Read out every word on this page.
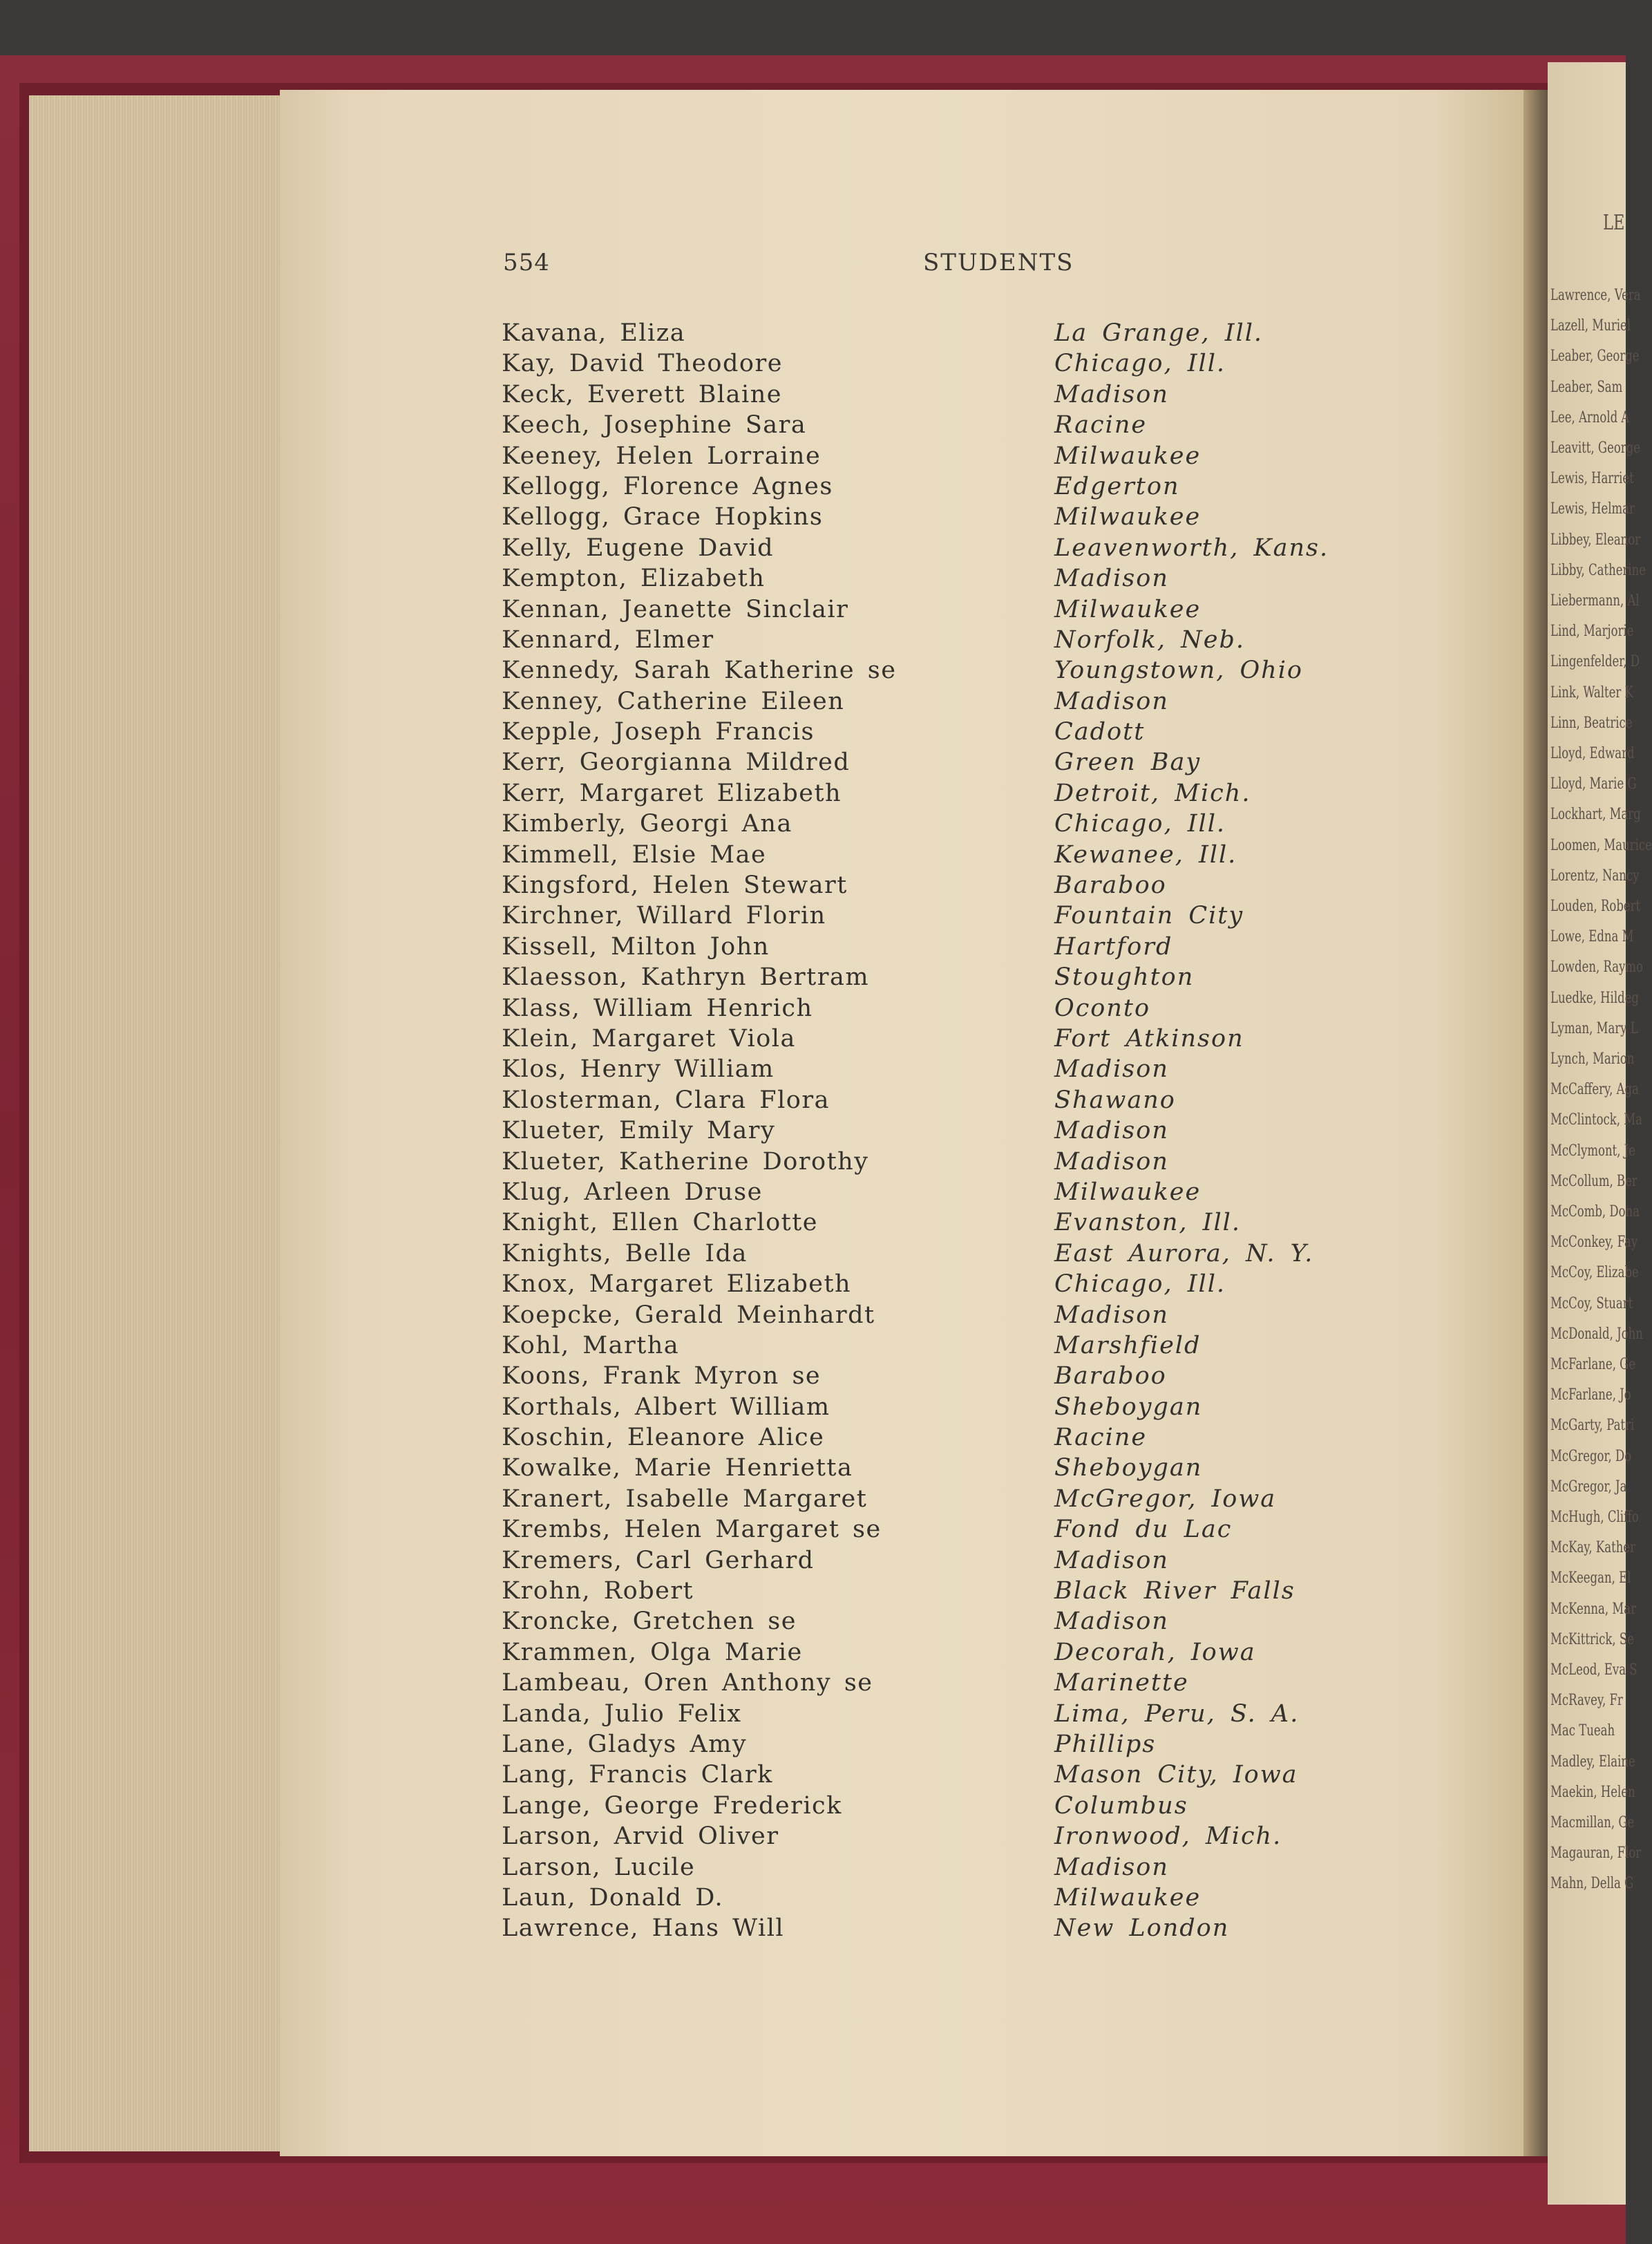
LE
Lawrence, Vera
Lazell, Muriel
Leaber, George
Leaber, Sam
Lee, Arnold A
Leavitt, George
Lewis, Harriet
Lewis, Helmar
Libbey, Eleanor
Libby, Catherine
Liebermann, Al
Lind, Marjorie
Lingenfelder, D
Link, Walter K
Linn, Beatrice
Lloyd, Edward
Lloyd, Marie G
Lockhart, Marg
Loomen, Maurice
Lorentz, Nancy
Louden, Robert
Lowe, Edna M
Lowden, Raymo
Luedke, Hildeg
Lyman, Mary L
Lynch, Marion
McCaffery, Aga
McClintock, Ma
McClymont, Je
McCollum, Ber
McComb, Dona
McConkey, Fay
McCoy, Elizabe
McCoy, Stuart
McDonald, John
McFarlane, Ge
McFarlane, Jo
McGarty, Patri
McGregor, Do
McGregor, Ja
McHugh, Cliffo
McKay, Kather
McKeegan, El
McKenna, Mar
McKittrick, Se
McLeod, Eva S
McRavey, Fr
Mac Tueah
Madley, Elaine
Maekin, Helen
Macmillan, Ge
Magauran, Flor
Mahn, Della G
554	STUDENTS
Kavana, Eliza	La Grange, Ill.
Kay, David Theodore	Chicago, Ill.
Keck, Everett Blaine	Madison
Keech, Josephine Sara	Racine
Keeney, Helen Lorraine	Milwaukee
Kellogg, Florence Agnes	Edgerton
Kellogg, Grace Hopkins	Milwaukee
Kelly, Eugene David	Leavenworth, Kans.
Kempton, Elizabeth	Madison
Kennan, Jeanette Sinclair	Milwaukee
Kennard, Elmer	Norfolk, Neb.
Kennedy, Sarah Katherine se	Youngstown, Ohio
Kenney, Catherine Eileen	Madison
Kepple, Joseph Francis	Cadott
Kerr, Georgianna Mildred	Green Bay
Kerr, Margaret Elizabeth	Detroit, Mich.
Kimberly, Georgi Ana	Chicago, Ill.
Kimmell, Elsie Mae	Kewanee, Ill.
Kingsford, Helen Stewart	Baraboo
Kirchner, Willard Florin	Fountain City
Kissell, Milton John	Hartford
Klaesson, Kathryn Bertram	Stoughton
Klass, William Henrich	Oconto
Klein, Margaret Viola	Fort Atkinson
Klos, Henry William	Madison
Klosterman, Clara Flora	Shawano
Klueter, Emily Mary	Madison
Klueter, Katherine Dorothy	Madison
Klug, Arleen Druse	Milwaukee
Knight, Ellen Charlotte	Evanston, Ill.
Knights, Belle Ida	East Aurora, N. Y.
Knox, Margaret Elizabeth	Chicago, Ill.
Koepcke, Gerald Meinhardt	Madison
Kohl, Martha	Marshfield
Koons, Frank Myron se	Baraboo
Korthals, Albert William	Sheboygan
Koschin, Eleanore Alice	Racine
Kowalke, Marie Henrietta	Sheboygan
Kranert, Isabelle Margaret	McGregor, Iowa
Krembs, Helen Margaret se	Fond du Lac
Kremers, Carl Gerhard	Madison
Krohn, Robert	Black River Falls
Kroncke, Gretchen se	Madison
Krammen, Olga Marie	Decorah, Iowa
Lambeau, Oren Anthony se	Marinette
Landa, Julio Felix	Lima, Peru, S. A.
Lane, Gladys Amy	Phillips
Lang, Francis Clark	Mason City, Iowa
Lange, George Frederick	Columbus
Larson, Arvid Oliver	Ironwood, Mich.
Larson, Lucile	Madison
Laun, Donald D.	Milwaukee
Lawrence, Hans Will	New London
